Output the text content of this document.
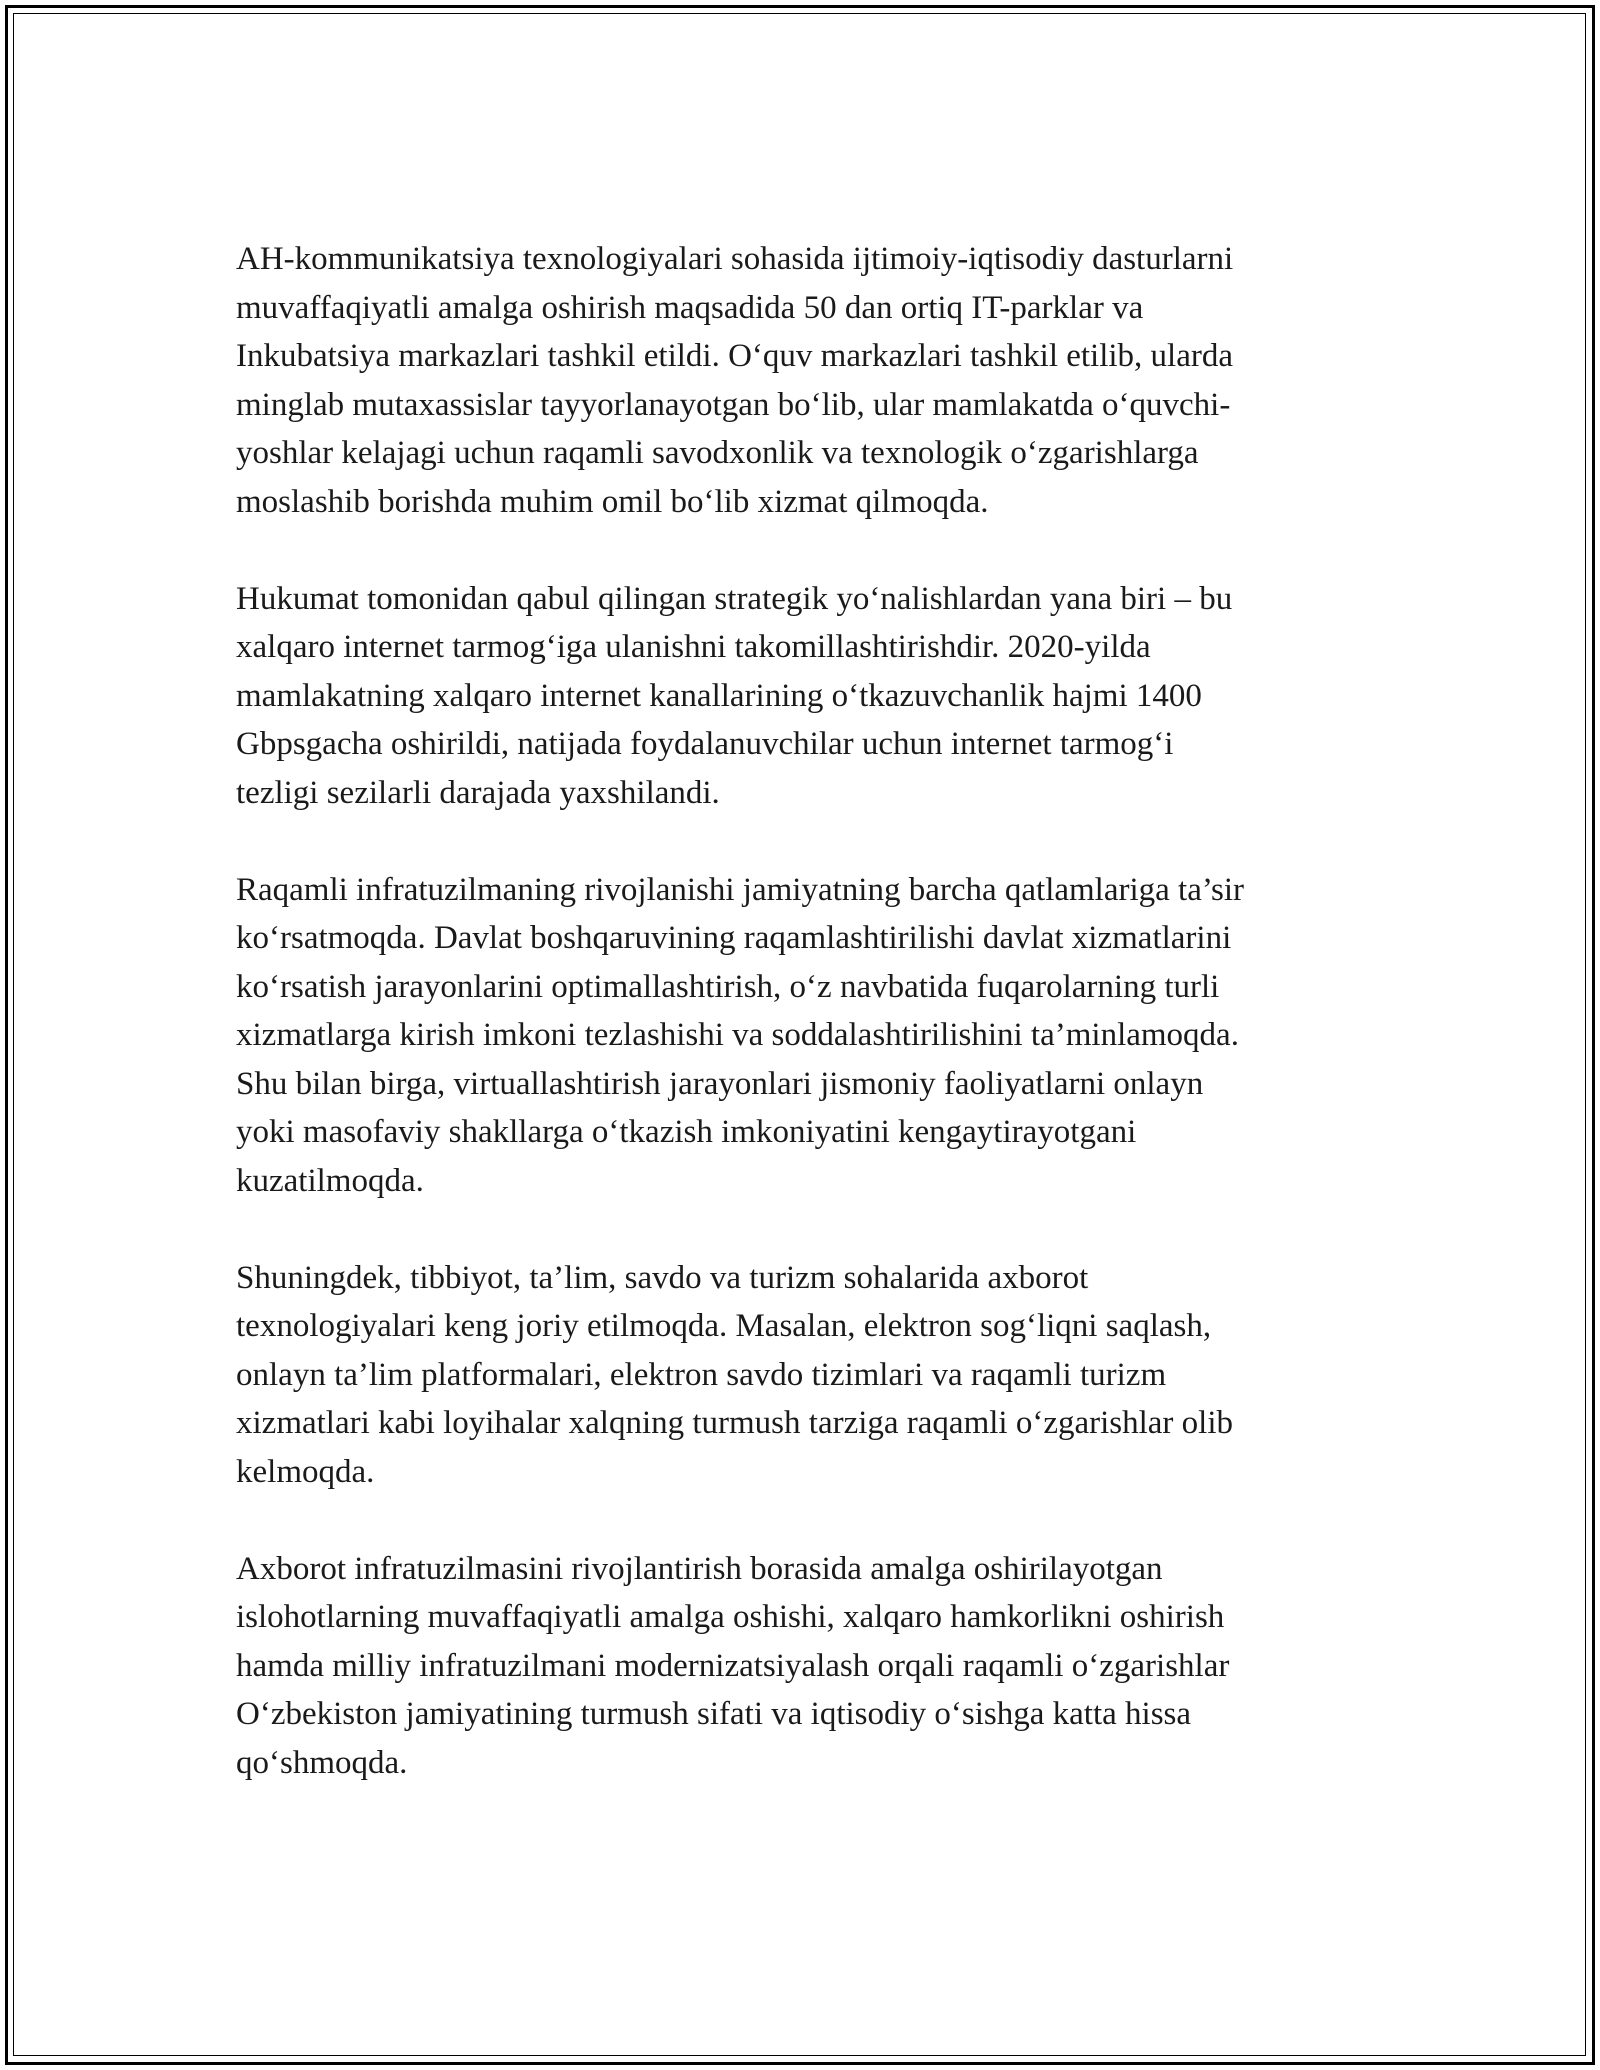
AH-kommunikatsiya texnologiyalari sohasida ijtimoiy-iqtisodiy dasturlarni
muvaffaqiyatli amalga oshirish maqsadida 50 dan ortiq IT-parklar va
Inkubatsiya markazlari tashkil etildi. O‘quv markazlari tashkil etilib, ularda
minglab mutaxassislar tayyorlanayotgan bo‘lib, ular mamlakatda o‘quvchi-
yoshlar kelajagi uchun raqamli savodxonlik va texnologik o‘zgarishlarga
moslashib borishda muhim omil bo‘lib xizmat qilmoqda.

Hukumat tomonidan qabul qilingan strategik yo‘nalishlardan yana biri – bu
xalqaro internet tarmog‘iga ulanishni takomillashtirishdir. 2020-yilda
mamlakatning xalqaro internet kanallarining o‘tkazuvchanlik hajmi 1400
Gbpsgacha oshirildi, natijada foydalanuvchilar uchun internet tarmog‘i
tezligi sezilarli darajada yaxshilandi.

Raqamli infratuzilmaning rivojlanishi jamiyatning barcha qatlamlariga ta’sir
ko‘rsatmoqda. Davlat boshqaruvining raqamlashtirilishi davlat xizmatlarini
ko‘rsatish jarayonlarini optimallashtirish, o‘z navbatida fuqarolarning turli
xizmatlarga kirish imkoni tezlashishi va soddalashtirilishini ta’minlamoqda.
Shu bilan birga, virtuallashtirish jarayonlari jismoniy faoliyatlarni onlayn
yoki masofaviy shakllarga o‘tkazish imkoniyatini kengaytirayotgani
kuzatilmoqda.

Shuningdek, tibbiyot, ta’lim, savdo va turizm sohalarida axborot
texnologiyalari keng joriy etilmoqda. Masalan, elektron sog‘liqni saqlash,
onlayn ta’lim platformalari, elektron savdo tizimlari va raqamli turizm
xizmatlari kabi loyihalar xalqning turmush tarziga raqamli o‘zgarishlar olib
kelmoqda.

Axborot infratuzilmasini rivojlantirish borasida amalga oshirilayotgan
islohotlarning muvaffaqiyatli amalga oshishi, xalqaro hamkorlikni oshirish
hamda milliy infratuzilmani modernizatsiyalash orqali raqamli o‘zgarishlar
O‘zbekiston jamiyatining turmush sifati va iqtisodiy o‘sishga katta hissa
qo‘shmoqda.
